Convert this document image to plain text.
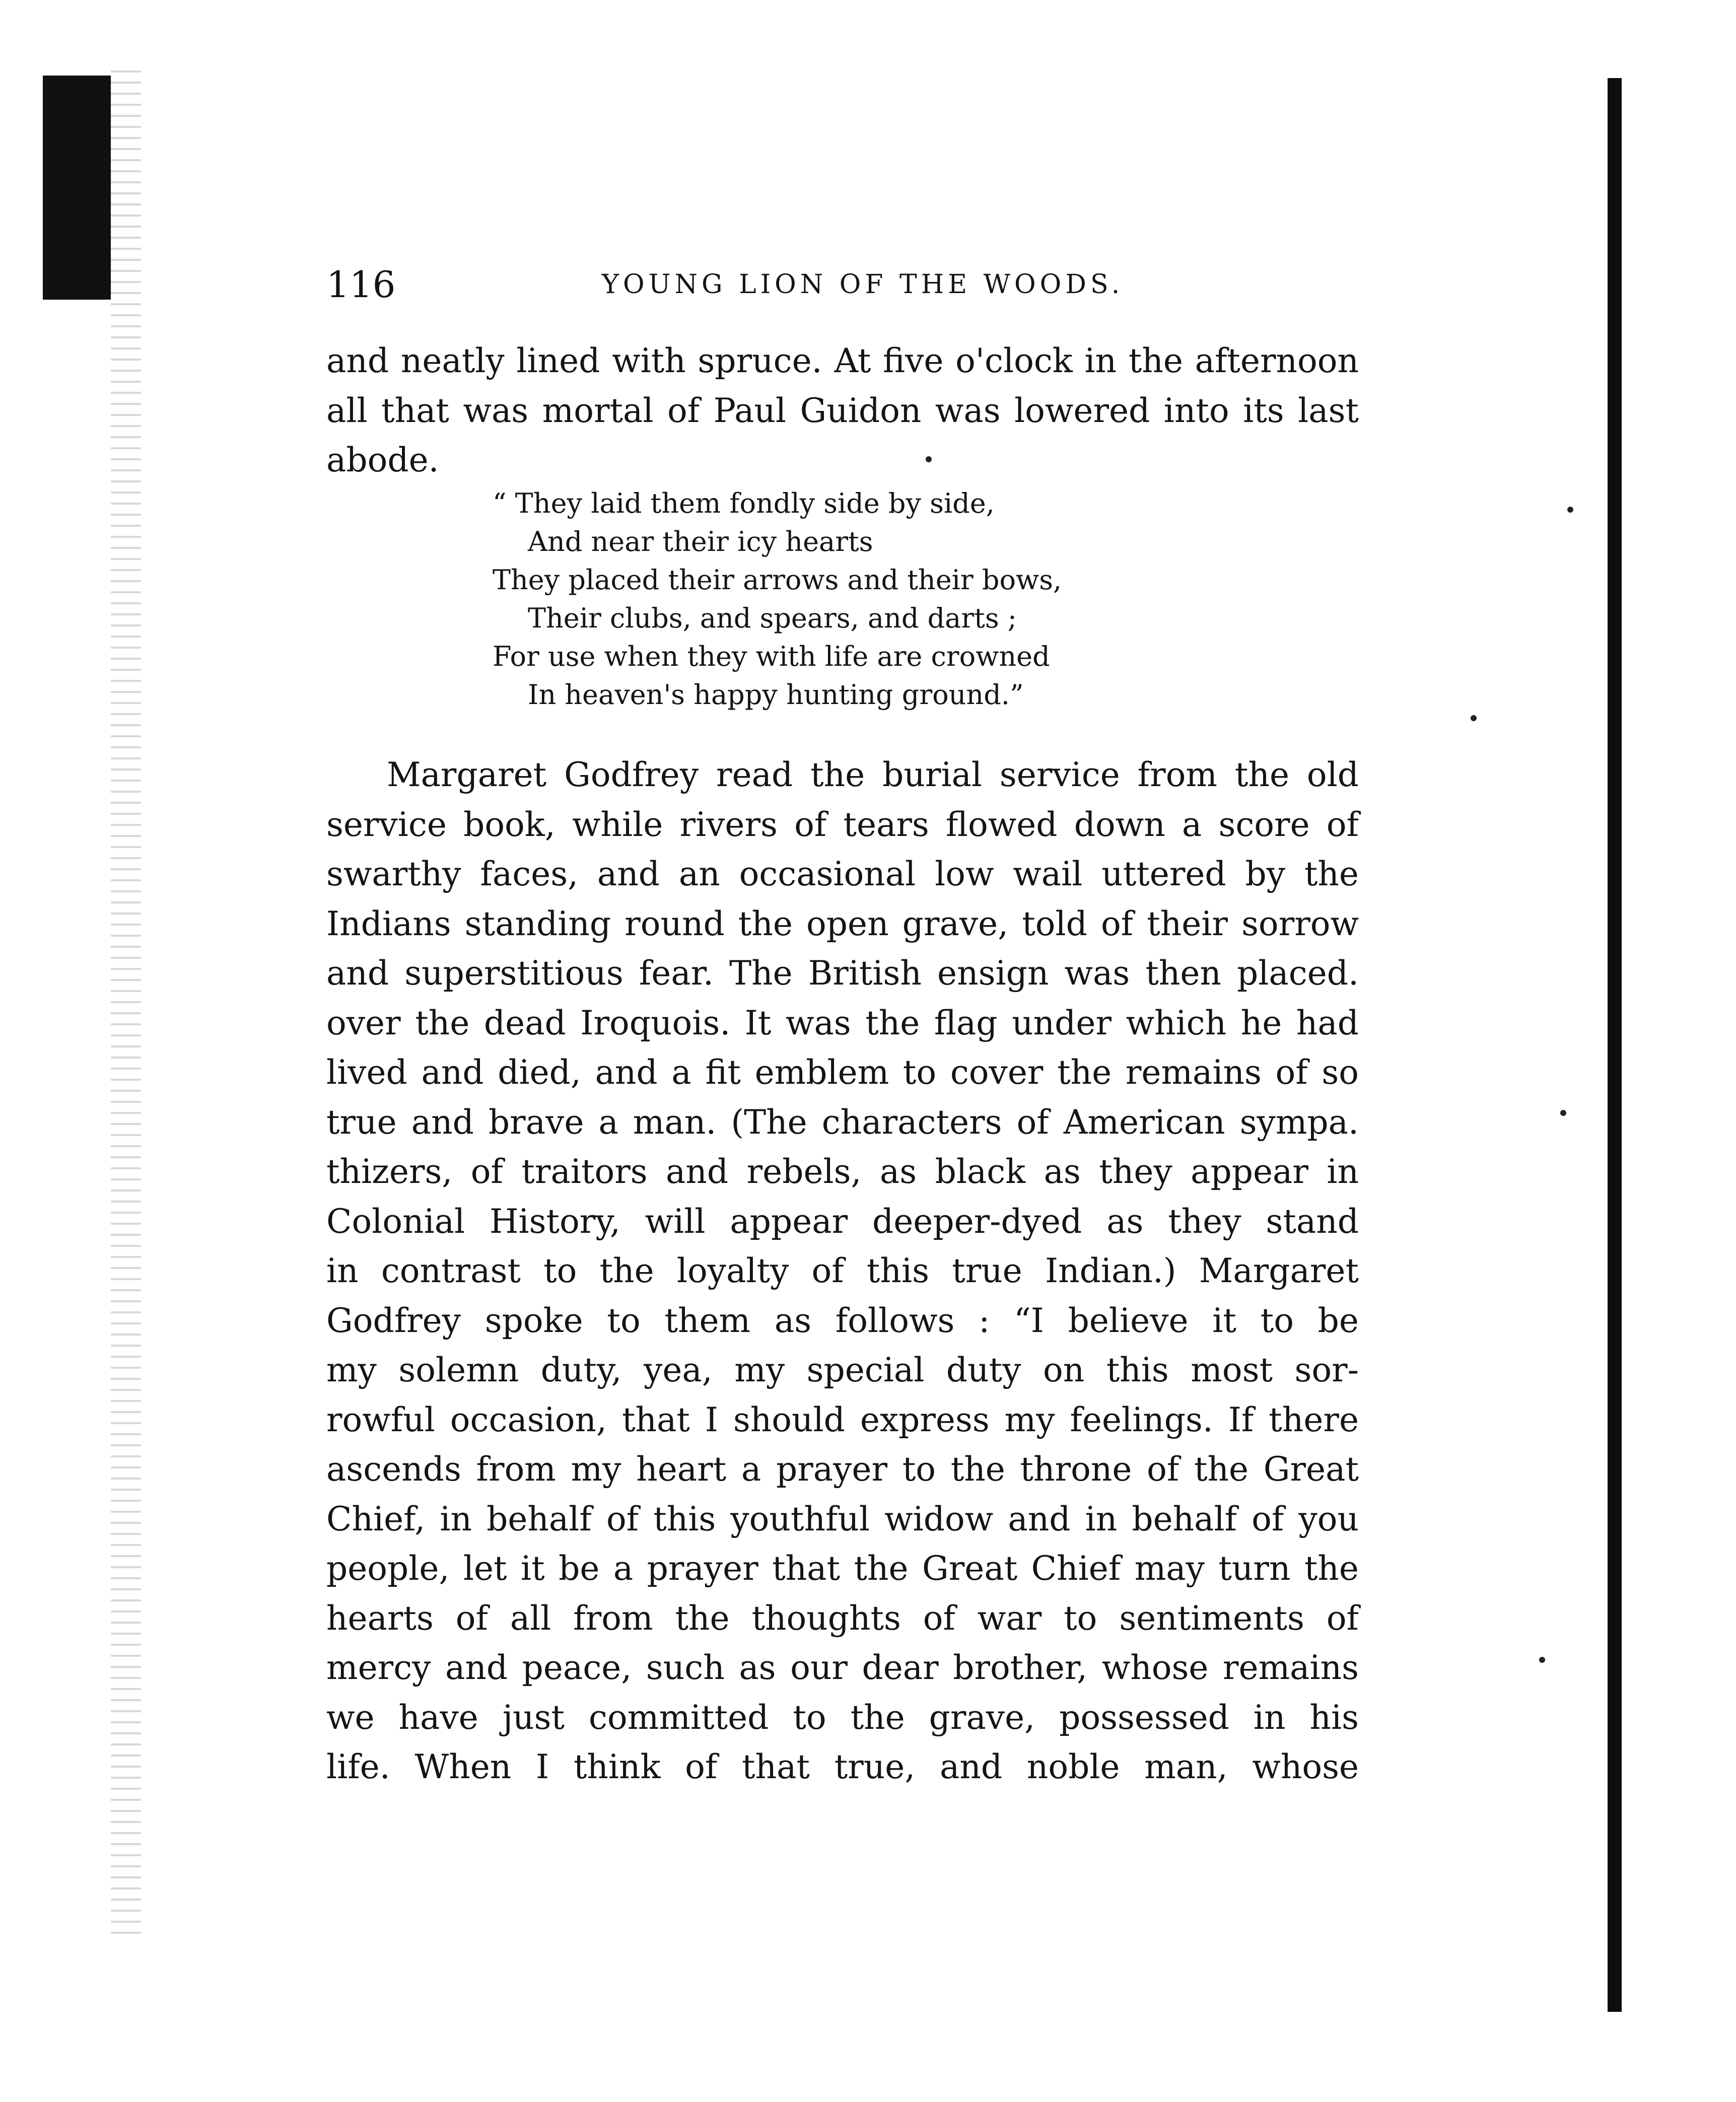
116	YOUNG LION OF THE WOODS.
and neatly lined with spruce. At five o'clock in the afternoon
all that was mortal of Paul Guidon was lowered into its last
abode.
“ They laid them fondly side by side,
And near their icy hearts
They placed their arrows and their bows,
Their clubs, and spears, and darts ;
For use when they with life are crowned
In heaven's happy hunting ground.”
Margaret Godfrey read the burial service from the old
service book, while rivers of tears flowed down a score of
swarthy faces, and an occasional low wail uttered by the
Indians standing round the open grave, told of their sorrow
and superstitious fear. The British ensign was then placed.
over the dead Iroquois. It was the flag under which he had
lived and died, and a fit emblem to cover the remains of so
true and brave a man. (The characters of American sympa.
thizers, of traitors and rebels, as black as they appear in
Colonial History, will appear deeper-dyed as they stand
in contrast to the loyalty of this true Indian.) Margaret
Godfrey spoke to them as follows : “I believe it to be
my solemn duty, yea, my special duty on this most sor-
rowful occasion, that I should express my feelings. If there
ascends from my heart a prayer to the throne of the Great
Chief, in behalf of this youthful widow and in behalf of you
people, let it be a prayer that the Great Chief may turn the
hearts of all from the thoughts of war to sentiments of
mercy and peace, such as our dear brother, whose remains
we have just committed to the grave, possessed in his
life. When I think of that true, and noble man, whose
